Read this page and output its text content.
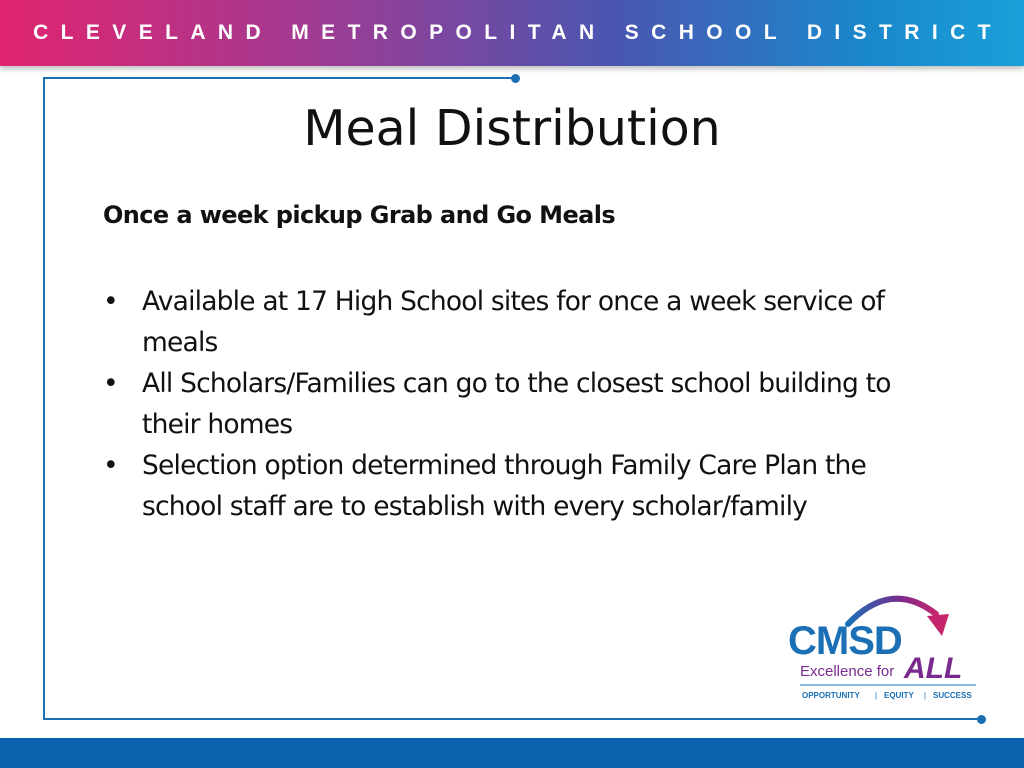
CLEVELAND METROPOLITAN SCHOOL DISTRICT
Meal Distribution
Once a week pickup Grab and Go Meals
• Available at 17 High School sites for once a week service of meals
• All Scholars/Families can go to the closest school building to their homes
• Selection option determined through Family Care Plan the school staff are to establish with every scholar/family
CMSD
Excellence for ALL
OPPORTUNITY | EQUITY | SUCCESS
